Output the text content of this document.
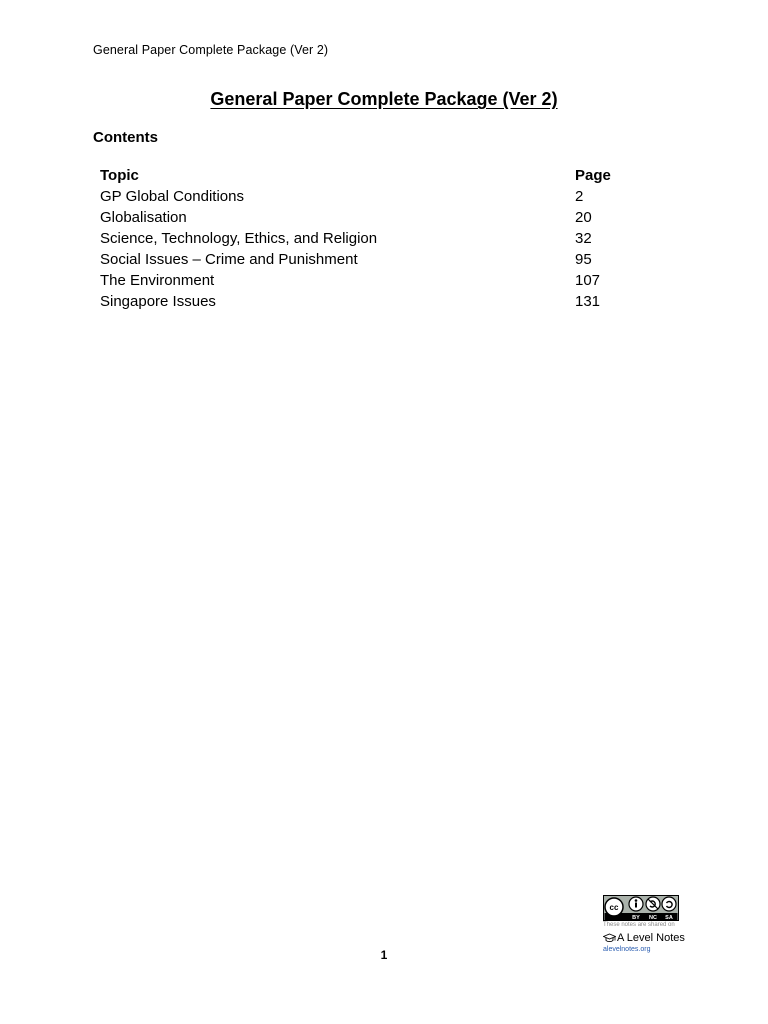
General Paper Complete Package (Ver 2)
General Paper Complete Package (Ver 2)
Contents
Topic	Page
GP Global Conditions	2
Globalisation	20
Science, Technology, Ethics, and Religion	32
Social Issues – Crime and Punishment	95
The Environment	107
Singapore Issues	131
cc
BY NC SA
These notes are shared on
A Level Notes
alevelnotes.org
1
